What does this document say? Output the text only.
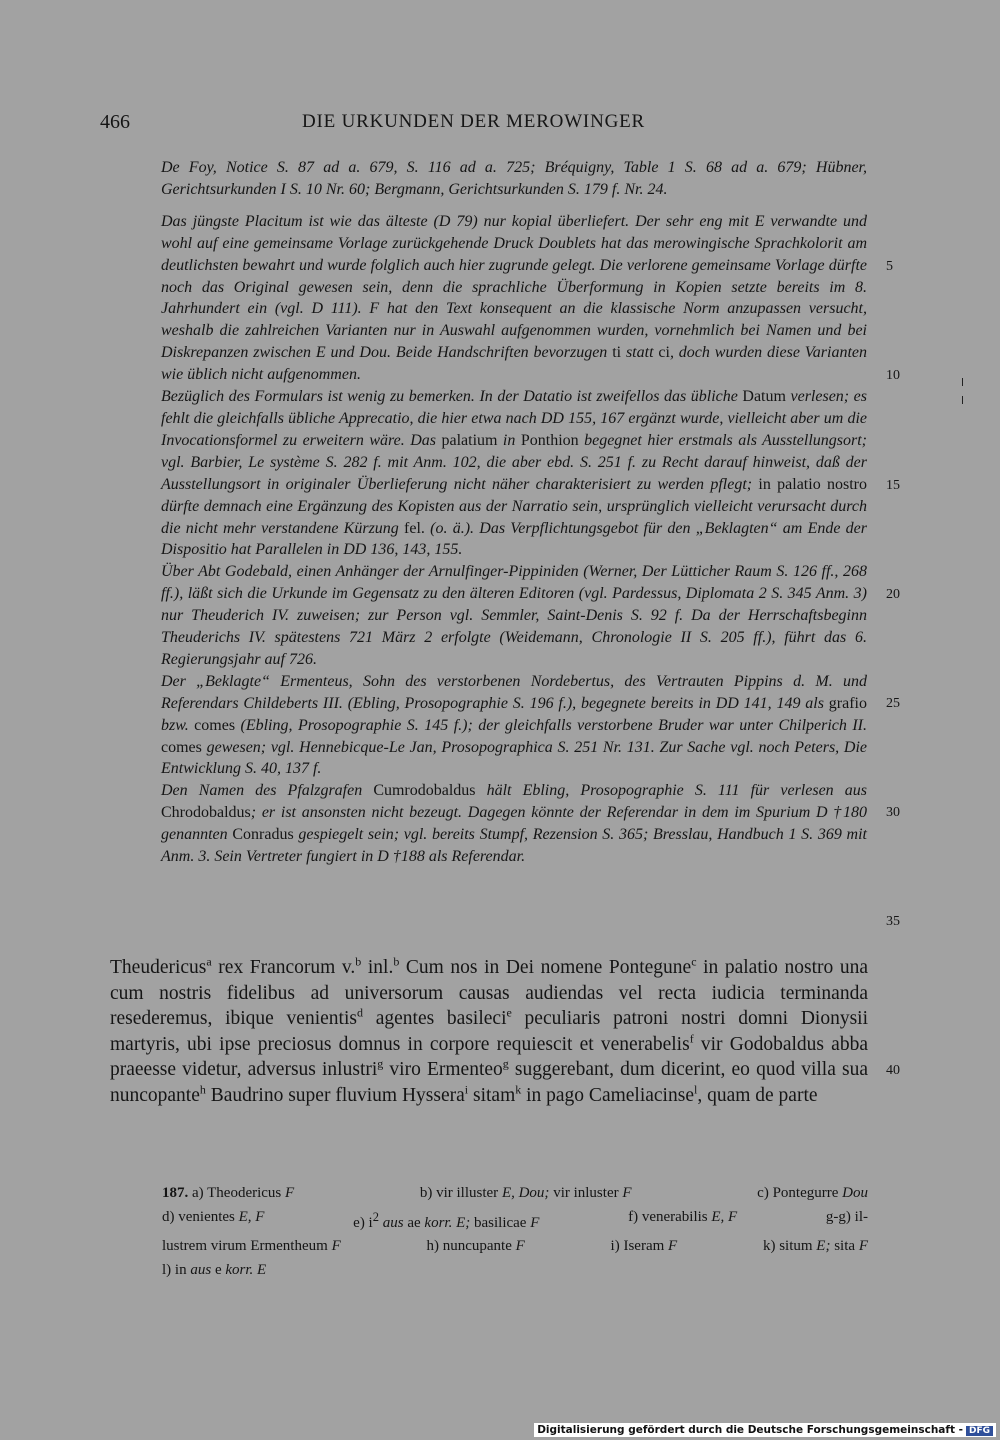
466	DIE URKUNDEN DER MEROWINGER

De Foy, Notice S. 87 ad a. 679, S. 116 ad a. 725; Bréquigny, Table 1 S. 68 ad a. 679; Hübner, Gerichtsurkunden I S. 10 Nr. 60; Bergmann, Gerichtsurkunden S. 179 f. Nr. 24.

Das jüngste Placitum ist wie das älteste (D 79) nur kopial überliefert. Der sehr eng mit E verwandte und wohl auf eine gemeinsame Vorlage zurückgehende Druck Doublets hat das merowingische Sprachkolorit am deutlichsten bewahrt und wurde folglich auch hier zugrunde gelegt. Die verlorene gemeinsame Vorlage dürfte noch das Original gewesen sein, denn die sprachliche Überformung in Kopien setzte bereits im 8. Jahrhundert ein (vgl. D 111). F hat den Text konsequent an die klassische Norm anzupassen versucht, weshalb die zahlreichen Varianten nur in Auswahl aufgenommen wurden, vornehmlich bei Namen und bei Diskrepanzen zwischen E und Dou. Beide Handschriften bevorzugen ti statt ci, doch wurden diese Varianten wie üblich nicht aufgenommen.

Bezüglich des Formulars ist wenig zu bemerken. In der Datatio ist zweifellos das übliche Datum verlesen; es fehlt die gleichfalls übliche Apprecatio, die hier etwa nach DD 155, 167 ergänzt wurde, vielleicht aber um die Invocationsformel zu erweitern wäre. Das palatium in Ponthion begegnet hier erstmals als Ausstellungsort; vgl. Barbier, Le système S. 282 f. mit Anm. 102, die aber ebd. S. 251 f. zu Recht darauf hinweist, daß der Ausstellungsort in originaler Überlieferung nicht näher charakterisiert zu werden pflegt; in palatio nostro dürfte demnach eine Ergänzung des Kopisten aus der Narratio sein, ursprünglich vielleicht verursacht durch die nicht mehr verstandene Kürzung fel. (o. ä.). Das Verpflichtungsgebot für den „Beklagten“ am Ende der Dispositio hat Parallelen in DD 136, 143, 155.

Über Abt Godebald, einen Anhänger der Arnulfinger-Pippiniden (Werner, Der Lütticher Raum S. 126 ff., 268 ff.), läßt sich die Urkunde im Gegensatz zu den älteren Editoren (vgl. Pardessus, Diplomata 2 S. 345 Anm. 3) nur Theuderich IV. zuweisen; zur Person vgl. Semmler, Saint-Denis S. 92 f. Da der Herrschaftsbeginn Theuderichs IV. spätestens 721 März 2 erfolgte (Weidemann, Chronologie II S. 205 ff.), führt das 6. Regierungsjahr auf 726.

Der „Beklagte“ Ermenteus, Sohn des verstorbenen Nordebertus, des Vertrauten Pippins d. M. und Referendars Childeberts III. (Ebling, Prosopographie S. 196 f.), begegnete bereits in DD 141, 149 als grafio bzw. comes (Ebling, Prosopographie S. 145 f.); der gleichfalls verstorbene Bruder war unter Chilperich II. comes gewesen; vgl. Hennebicque-Le Jan, Prosopographica S. 251 Nr. 131. Zur Sache vgl. noch Peters, Die Entwicklung S. 40, 137 f.

Den Namen des Pfalzgrafen Cumrodobaldus hält Ebling, Prosopographie S. 111 für verlesen aus Chrodobaldus; er ist ansonsten nicht bezeugt. Dagegen könnte der Referendar in dem im Spurium D †180 genannten Conradus gespiegelt sein; vgl. bereits Stumpf, Rezension S. 365; Bresslau, Handbuch 1 S. 369 mit Anm. 3. Sein Vertreter fungiert in D †188 als Referendar.

5
10
15
20
25
30
35
40
Theudericus$^a$ rex Francorum v.$^b$ inl.$^b$ Cum nos in Dei nomene Pontegune$^c$ in palatio nostro una cum nostris fidelibus ad universorum causas audiendas vel recta iudicia terminanda resederemus, ibique venientis$^d$ agentes basileci$^e$ peculiaris patroni nostri domni Dionysii martyris, ubi ipse preciosus domnus in corpore requiescit et venerabelis$^f$ vir Godobaldus abba praeesse videtur, adversus inlustri$^g$ viro Ermenteo$^g$ suggerebant, dum dicerint, eo quod villa sua nuncopante$^h$ Baudrino super fluvium Hyssera$^i$ sitam$^k$ in pago Cameliacinse$^l$, quam de parte
187. a) Theodericus F	b) vir illuster E, Dou; vir inluster F	c) Pontegurre Dou
d) venientes E, F	e) $i^2$ aus ae korr. E; basilicae F	f) venerabilis E, F	g-g) il-
lustrem virum Ermentheum F	h) nuncupante F	i) Iseram F	k) situm E; sita F
l) in aus e korr. E
Digitalisierung gefördert durch die Deutsche Forschungsgemeinschaft - DFG
